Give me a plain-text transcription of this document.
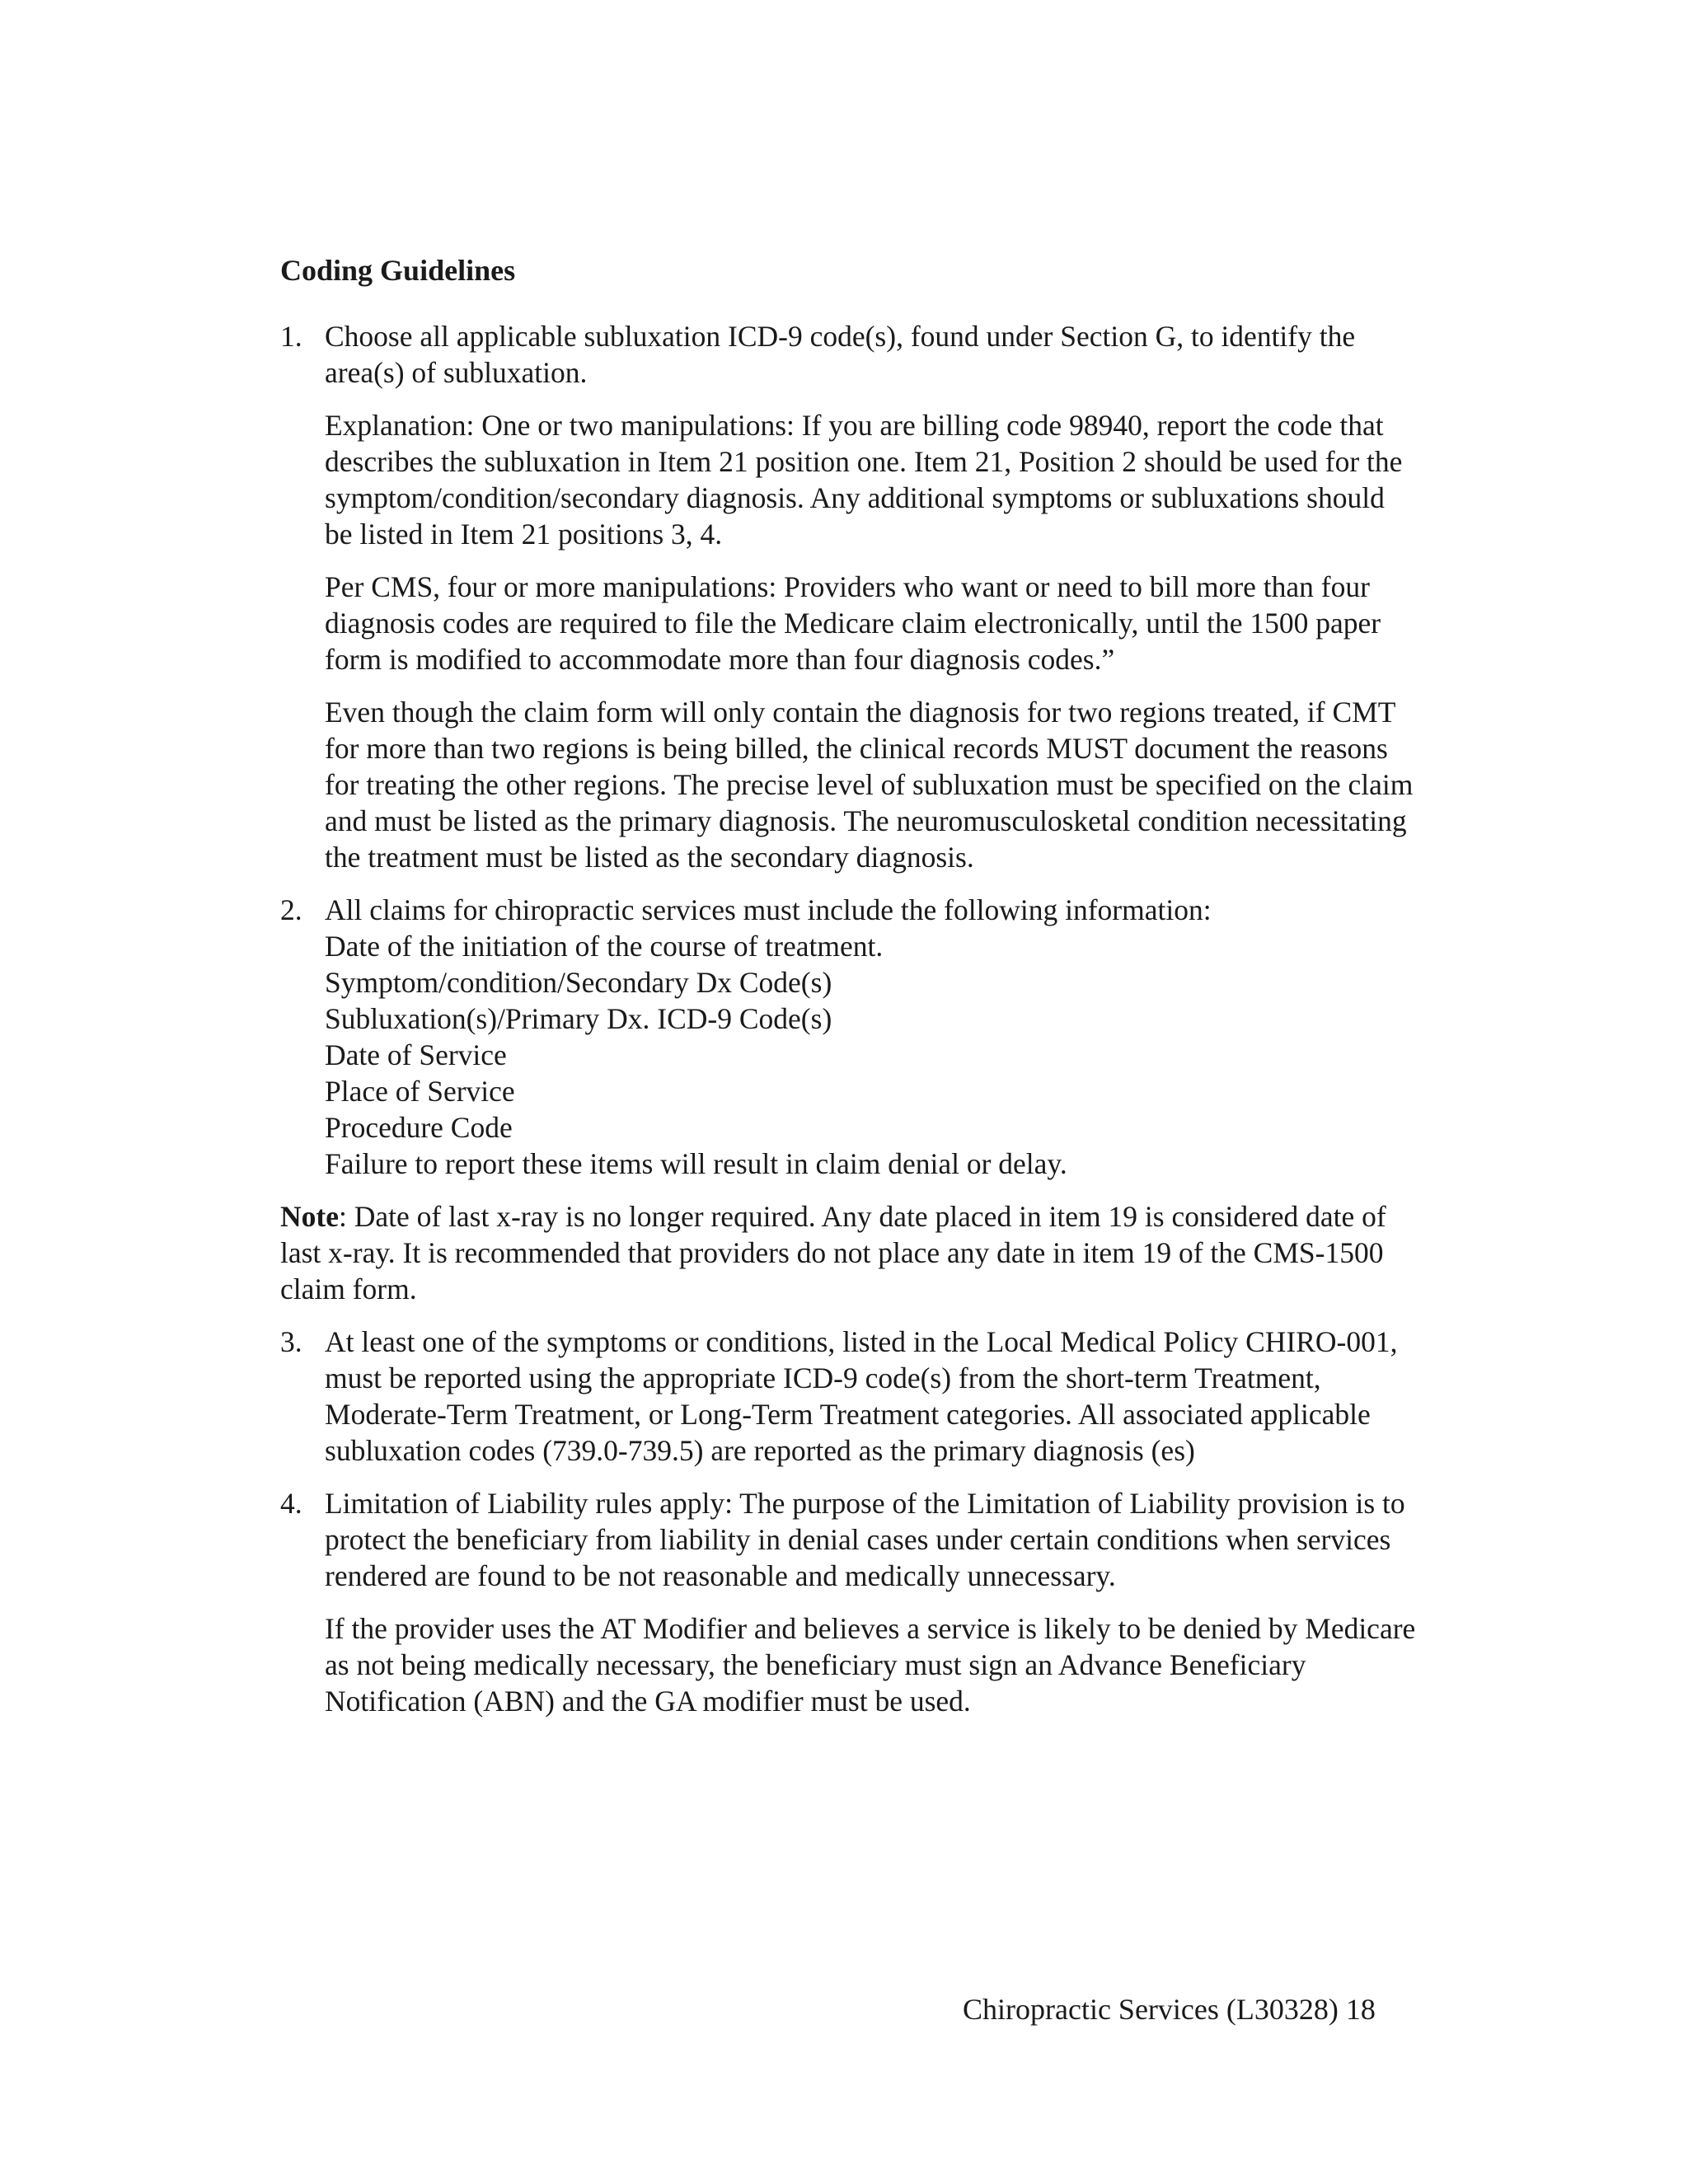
Coding Guidelines
1. Choose all applicable subluxation ICD-9 code(s), found under Section G, to identify the area(s) of subluxation.
Explanation: One or two manipulations: If you are billing code 98940, report the code that describes the subluxation in Item 21 position one. Item 21, Position 2 should be used for the symptom/condition/secondary diagnosis. Any additional symptoms or subluxations should be listed in Item 21 positions 3, 4.
Per CMS, four or more manipulations: Providers who want or need to bill more than four diagnosis codes are required to file the Medicare claim electronically, until the 1500 paper form is modified to accommodate more than four diagnosis codes.”
Even though the claim form will only contain the diagnosis for two regions treated, if CMT for more than two regions is being billed, the clinical records MUST document the reasons for treating the other regions. The precise level of subluxation must be specified on the claim and must be listed as the primary diagnosis. The neuromusculosketal condition necessitating the treatment must be listed as the secondary diagnosis.
2. All claims for chiropractic services must include the following information:
Date of the initiation of the course of treatment.
Symptom/condition/Secondary Dx Code(s)
Subluxation(s)/Primary Dx. ICD-9 Code(s)
Date of Service
Place of Service
Procedure Code
Failure to report these items will result in claim denial or delay.
Note: Date of last x-ray is no longer required. Any date placed in item 19 is considered date of last x-ray. It is recommended that providers do not place any date in item 19 of the CMS-1500 claim form.
3. At least one of the symptoms or conditions, listed in the Local Medical Policy CHIRO-001, must be reported using the appropriate ICD-9 code(s) from the short-term Treatment, Moderate-Term Treatment, or Long-Term Treatment categories. All associated applicable subluxation codes (739.0-739.5) are reported as the primary diagnosis (es)
4. Limitation of Liability rules apply: The purpose of the Limitation of Liability provision is to protect the beneficiary from liability in denial cases under certain conditions when services rendered are found to be not reasonable and medically unnecessary.
If the provider uses the AT Modifier and believes a service is likely to be denied by Medicare as not being medically necessary, the beneficiary must sign an Advance Beneficiary Notification (ABN) and the GA modifier must be used.
Chiropractic Services (L30328) 18
